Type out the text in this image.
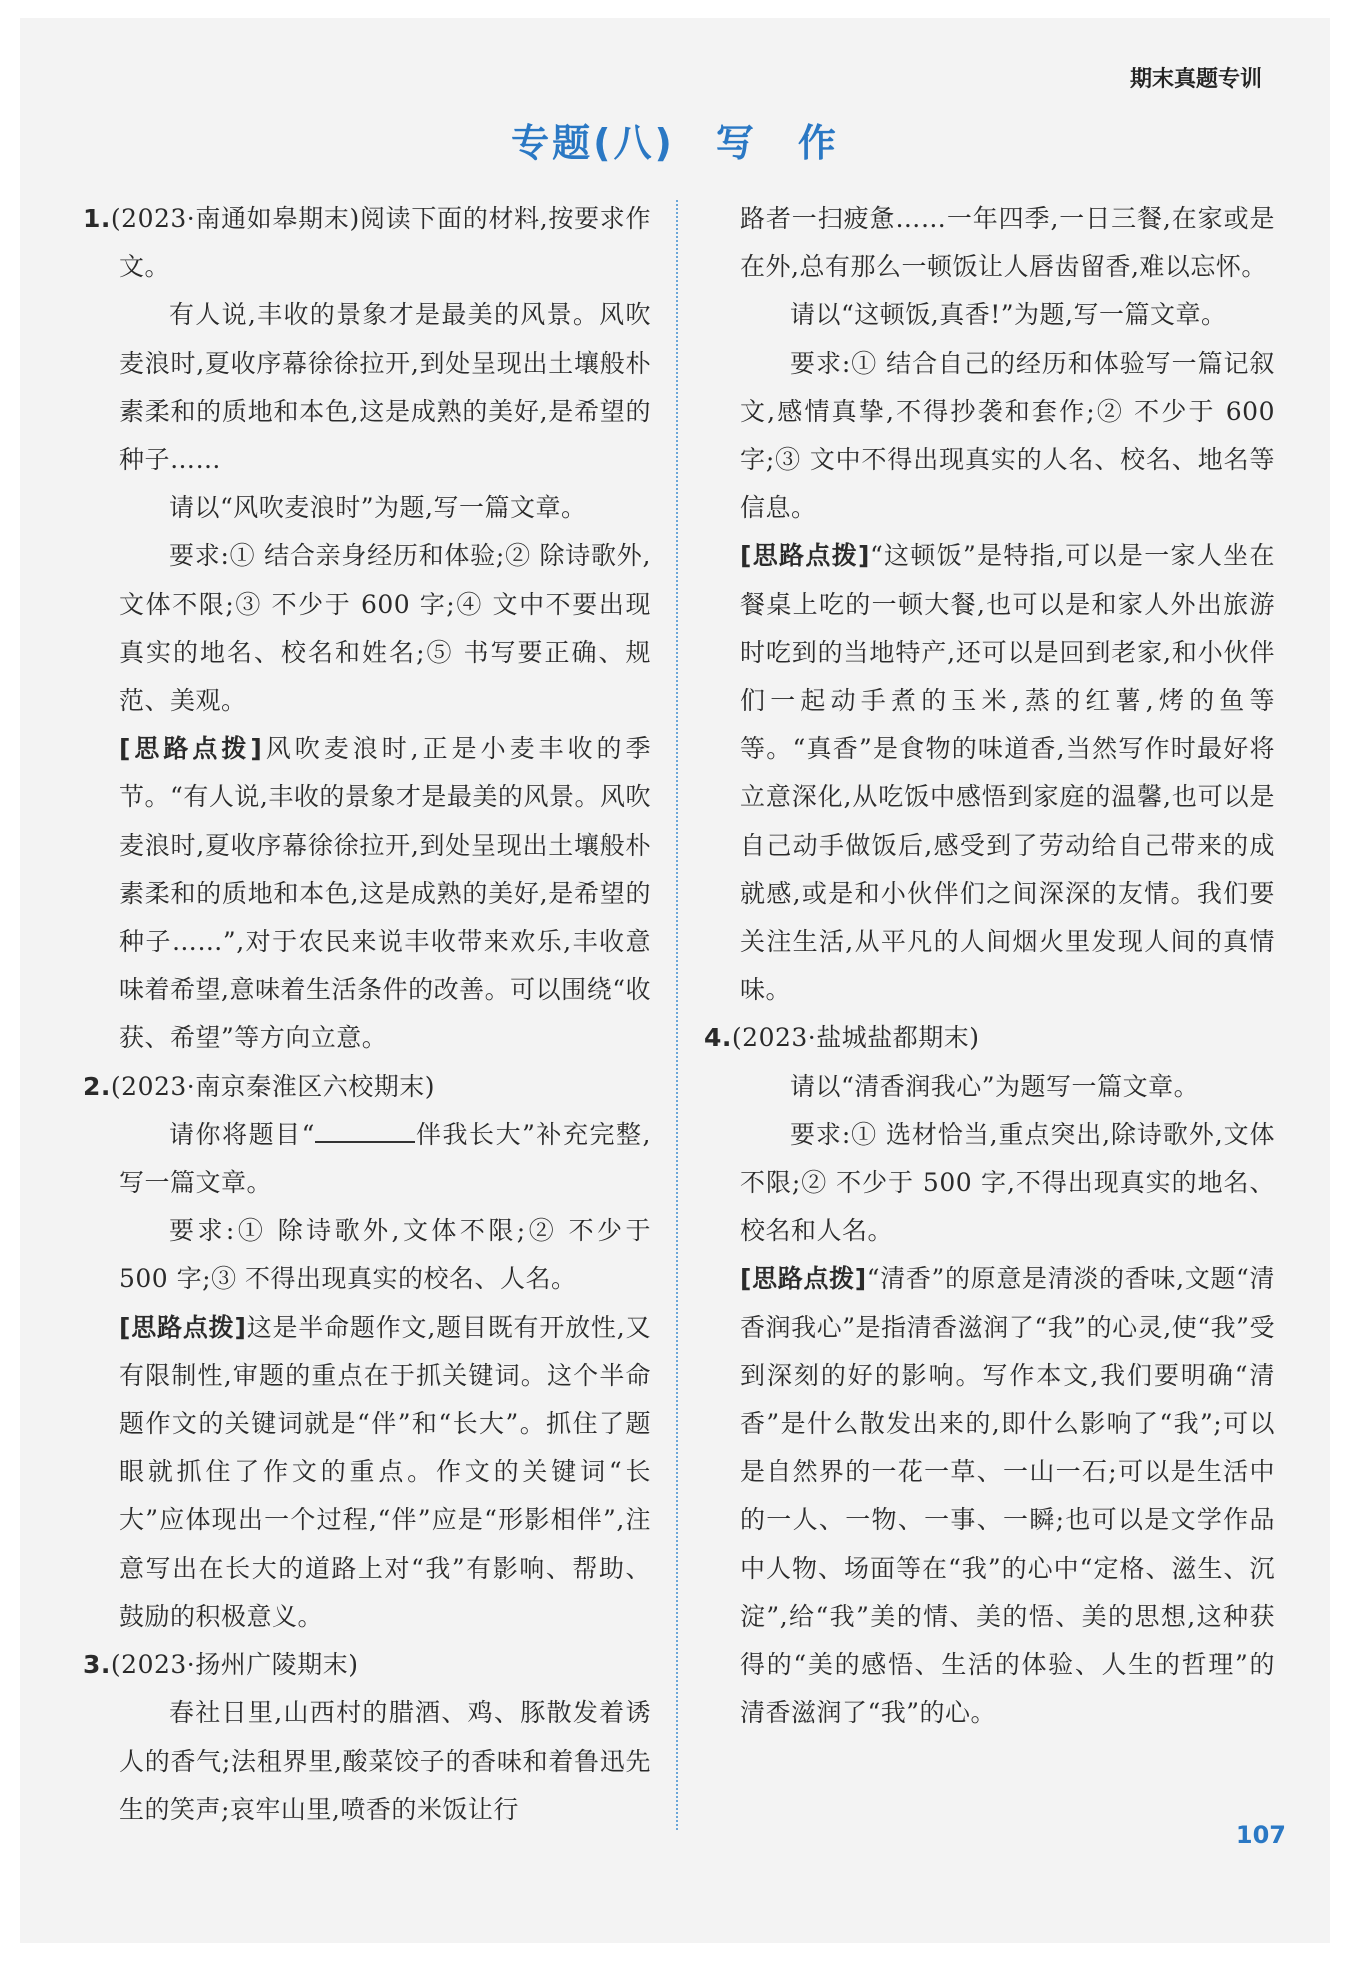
期末真题专训
专题(八)　写　作

1.(2023·南通如皋期末)阅读下面的材料,按要求作文。

有人说,丰收的景象才是最美的风景。风吹麦浪时,夏收序幕徐徐拉开,到处呈现出土壤般朴素柔和的质地和本色,这是成熟的美好,是希望的种子……

请以“风吹麦浪时”为题,写一篇文章。

要求:① 结合亲身经历和体验;② 除诗歌外,文体不限;③ 不少于 600 字;④ 文中不要出现真实的地名、校名和姓名;⑤ 书写要正确、规范、美观。

[思路点拨]风吹麦浪时,正是小麦丰收的季节。“有人说,丰收的景象才是最美的风景。风吹麦浪时,夏收序幕徐徐拉开,到处呈现出土壤般朴素柔和的质地和本色,这是成熟的美好,是希望的种子……”,对于农民来说丰收带来欢乐,丰收意味着希望,意味着生活条件的改善。可以围绕“收获、希望”等方向立意。

2.(2023·南京秦淮区六校期末)

请你将题目“	伴我长大”补充完整,写一篇文章。

要求:① 除诗歌外,文体不限;② 不少于 500 字;③ 不得出现真实的校名、人名。

[思路点拨]这是半命题作文,题目既有开放性,又有限制性,审题的重点在于抓关键词。这个半命题作文的关键词就是“伴”和“长大”。抓住了题眼就抓住了作文的重点。作文的关键词“长大”应体现出一个过程,“伴”应是“形影相伴”,注意写出在长大的道路上对“我”有影响、帮助、鼓励的积极意义。

3.(2023·扬州广陵期末)

春社日里,山西村的腊酒、鸡、豚散发着诱人的香气;法租界里,酸菜饺子的香味和着鲁迅先生的笑声;哀牢山里,喷香的米饭让行

路者一扫疲惫……一年四季,一日三餐,在家或是在外,总有那么一顿饭让人唇齿留香,难以忘怀。

请以“这顿饭,真香!”为题,写一篇文章。

要求:① 结合自己的经历和体验写一篇记叙文,感情真挚,不得抄袭和套作;② 不少于 600 字;③ 文中不得出现真实的人名、校名、地名等信息。

[思路点拨]“这顿饭”是特指,可以是一家人坐在餐桌上吃的一顿大餐,也可以是和家人外出旅游时吃到的当地特产,还可以是回到老家,和小伙伴们一起动手煮的玉米,蒸的红薯,烤的鱼等等。“真香”是食物的味道香,当然写作时最好将立意深化,从吃饭中感悟到家庭的温馨,也可以是自己动手做饭后,感受到了劳动给自己带来的成就感,或是和小伙伴们之间深深的友情。我们要关注生活,从平凡的人间烟火里发现人间的真情味。

4.(2023·盐城盐都期末)

请以“清香润我心”为题写一篇文章。

要求:① 选材恰当,重点突出,除诗歌外,文体不限;② 不少于 500 字,不得出现真实的地名、校名和人名。

[思路点拨]“清香”的原意是清淡的香味,文题“清香润我心”是指清香滋润了“我”的心灵,使“我”受到深刻的好的影响。写作本文,我们要明确“清香”是什么散发出来的,即什么影响了“我”;可以是自然界的一花一草、一山一石;可以是生活中的一人、一物、一事、一瞬;也可以是文学作品中人物、场面等在“我”的心中“定格、滋生、沉淀”,给“我”美的情、美的悟、美的思想,这种获得的“美的感悟、生活的体验、人生的哲理”的清香滋润了“我”的心。

107
